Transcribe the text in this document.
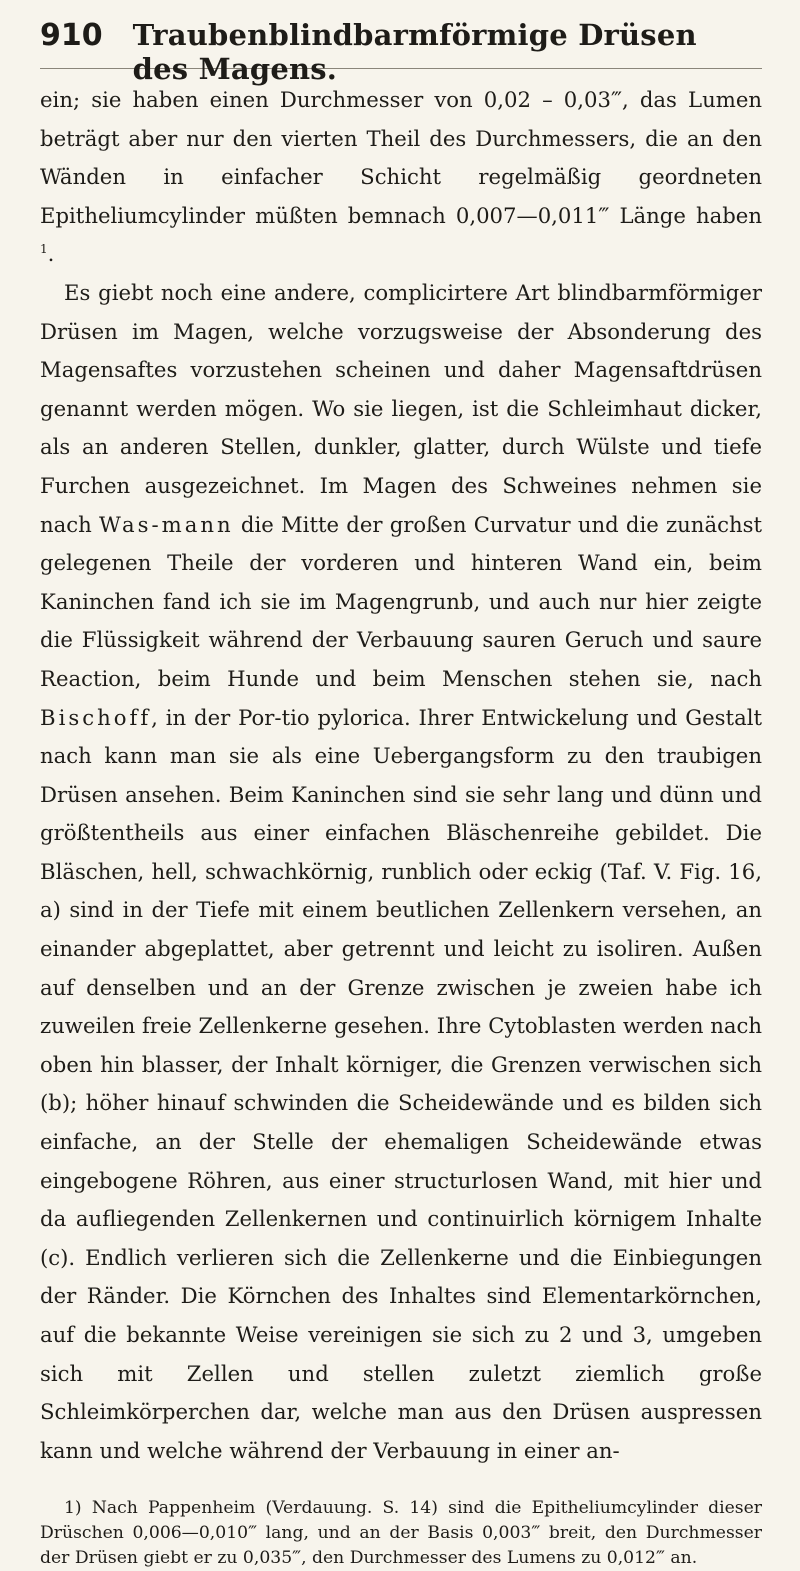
910 Traubenblindbarmförmige Drüsen des Magens.

ein; sie haben einen Durchmesser von 0,02 – 0,03‴, das Lumen beträgt aber nur den vierten Theil des Durchmessers, die an den Wänden in einfacher Schicht regelmäßig geordneten Epitheliumcylinder müßten bemnach 0,007—0,011‴ Länge haben $^1$.

Es giebt noch eine andere, complicirtere Art blindbarmförmiger Drüsen im Magen, welche vorzugsweise der Absonderung des Magensaftes vorzustehen scheinen und daher Magensaftdrüsen genannt werden mögen. Wo sie liegen, ist die Schleimhaut dicker, als an anderen Stellen, dunkler, glatter, durch Wülste und tiefe Furchen ausgezeichnet. Im Magen des Schweines nehmen sie nach Was-mann die Mitte der großen Curvatur und die zunächst gelegenen Theile der vorderen und hinteren Wand ein, beim Kaninchen fand ich sie im Magengrunb, und auch nur hier zeigte die Flüssigkeit während der Verbauung sauren Geruch und saure Reaction, beim Hunde und beim Menschen stehen sie, nach Bischoff, in der Por-tio pylorica. Ihrer Entwickelung und Gestalt nach kann man sie als eine Uebergangsform zu den traubigen Drüsen ansehen. Beim Kaninchen sind sie sehr lang und dünn und größtentheils aus einer einfachen Bläschenreihe gebildet. Die Bläschen, hell, schwachkörnig, runblich oder eckig (Taf. V. Fig. 16, a) sind in der Tiefe mit einem beutlichen Zellenkern versehen, an einander abgeplattet, aber getrennt und leicht zu isoliren. Außen auf denselben und an der Grenze zwischen je zweien habe ich zuweilen freie Zellenkerne gesehen. Ihre Cytoblasten werden nach oben hin blasser, der Inhalt körniger, die Grenzen verwischen sich (b); höher hinauf schwinden die Scheidewände und es bilden sich einfache, an der Stelle der ehemaligen Scheidewände etwas eingebogene Röhren, aus einer structurlosen Wand, mit hier und da aufliegenden Zellenkernen und continuirlich körnigem Inhalte (c). Endlich verlieren sich die Zellenkerne und die Einbiegungen der Ränder. Die Körnchen des Inhaltes sind Elementarkörnchen, auf die bekannte Weise vereinigen sie sich zu 2 und 3, umgeben sich mit Zellen und stellen zuletzt ziemlich große Schleimkörperchen dar, welche man aus den Drüsen auspressen kann und welche während der Verbauung in einer an-

1) Nach Pappenheim (Verdauung. S. 14) sind die Epitheliumcylinder dieser Drüschen 0,006—0,010‴ lang, und an der Basis 0,003‴ breit, den Durchmesser der Drüsen giebt er zu 0,035‴, den Durchmesser des Lumens zu 0,012‴ an.
